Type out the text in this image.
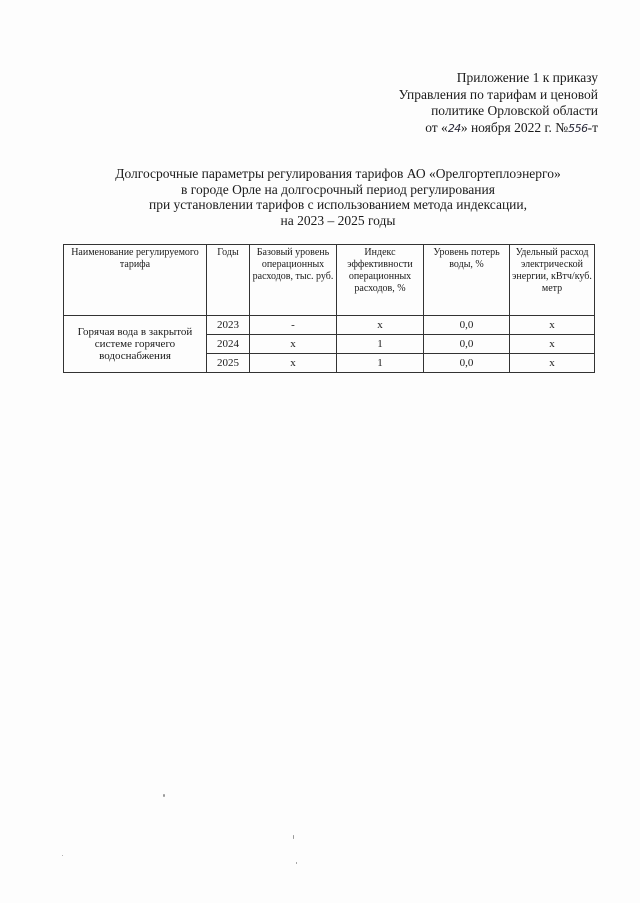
Приложение 1 к приказу
Управления по тарифам и ценовой
политике Орловской области
от «24» ноября 2022 г. №556-т
Долгосрочные параметры регулирования тарифов АО «Орелгортеплоэнерго»
в городе Орле на долгосрочный период регулирования
при установлении тарифов с использованием метода индексации,
на 2023 – 2025 годы
Наименование регулируемого тарифа	Годы	Базовый уровень операционных расходов, тыс. руб.	Индекс эффективности операционных расходов, %	Уровень потерь воды, %	Удельный расход электрической энергии, кВтч/куб. метр
Горячая вода в закрытой системе горячего водоснабжения	2023	-	х	0,0	х
	2024	х	1	0,0	х
	2025	х	1	0,0	х
